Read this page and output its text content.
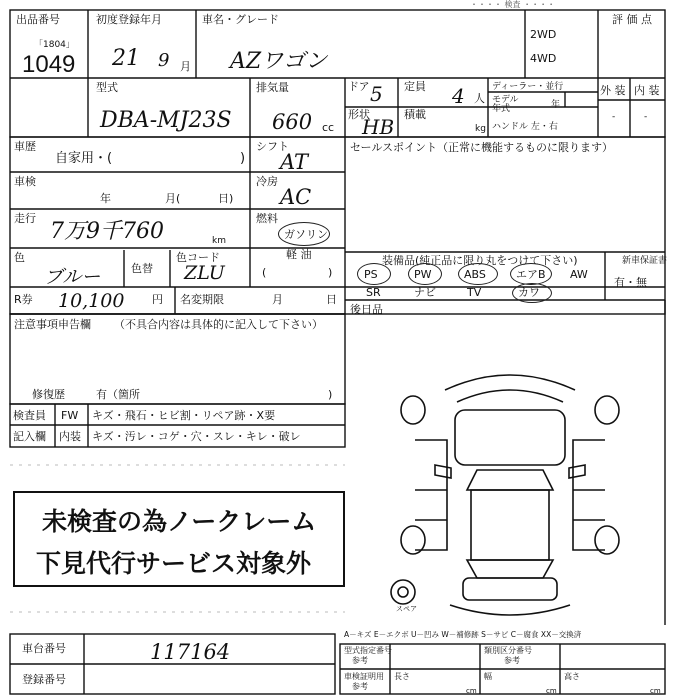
スペア
・・・・ 検査 ・・・・
出品番号
「1804」
1049
初度登録年月
21 9 月
車名・グレード
AZワゴン
2WD
4WD
評 価 点
型式
DBA-MJ23S
排気量
660 cc
ドア 5 定員 4 人
ディーラー・並行
モデル
年式	年
形状
HB
積載
kg ハンドル 左・右
外 装 内 装
-	-
車歴
自家用・(	)
シフト
AT
セールスポイント（正常に機能するものに限ります）
車検
年	月(	日)
冷房
AC
走行
7万9千760	km
燃料
ガソリン
軽 油
(	)
色
ブルー	色替
色コード
ZLU
装備品(純正品に限り丸をつけて下さい)
PS	PW	ABS	エアB AW
SR	ナビ	TV	カワ
新車保証書
有・無
R券 10,100	円 名変期限	月	日
後日品
注意事項申告欄 （不具合内容は具体的に記入して下さい）
修復歴	有（箇所	)
検査員
記入欄
FW キズ・飛石・ヒビ割・リペア跡・X要
内装 キズ・汚レ・コゲ・穴・スレ・キレ・破レ
未検査の為ノークレーム
下見代行サービス対象外
A－キズ E－エクボ U－凹み W－補修跡 S－サビ C－腐食 XX－交換済
車台番号	117164
登録番号
型式指定番号
参考
類別区分番号
参考
車検証明用
参考
長さ
cm
幅
cm
高さ
cm
